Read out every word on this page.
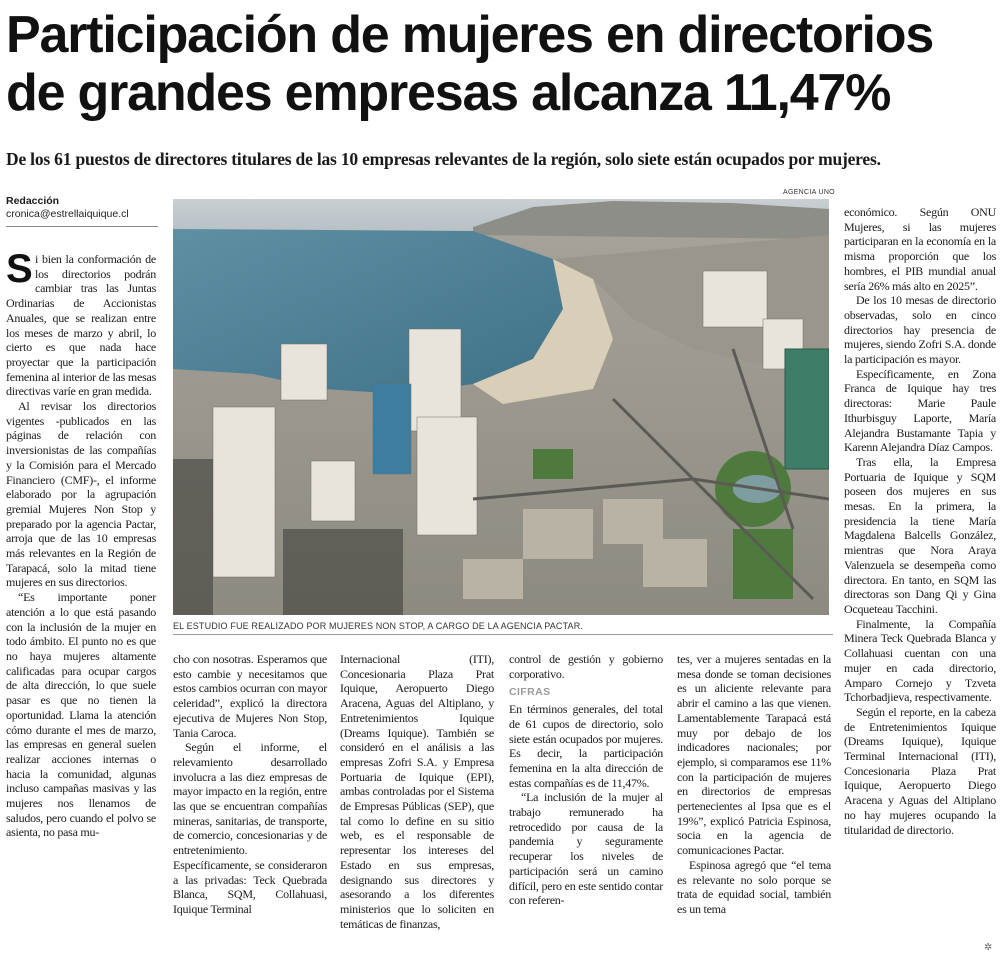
Participación de mujeres en directorios
de grandes empresas alcanza 11,47%
De los 61 puestos de directores titulares de las 10 empresas relevantes de la región, solo siete están ocupados por mujeres.
Redacción
cronica@estrellaiquique.cl
AGENCIA UNO
EL ESTUDIO FUE REALIZADO POR MUJERES NON STOP, A CARGO DE LA AGENCIA PACTAR.

Si bien la conformación de los directorios podrán cambiar tras las Juntas Ordinarias de Accionistas Anuales, que se realizan entre los meses de marzo y abril, lo cierto es que nada hace proyectar que la participación femenina al interior de las mesas directivas varíe en gran medida.

Al revisar los directorios vigentes -publicados en las páginas de relación con inversionistas de las compañías y la Comisión para el Mercado Financiero (CMF)-, el informe elaborado por la agrupación gremial Mujeres Non Stop y preparado por la agencia Pactar, arroja que de las 10 empresas más relevantes en la Región de Tarapacá, solo la mitad tiene mujeres en sus directorios.

“Es importante poner atención a lo que está pasando con la inclusión de la mujer en todo ámbito. El punto no es que no haya mujeres altamente calificadas para ocupar cargos de alta dirección, lo que suele pasar es que no tienen la oportunidad. Llama la atención cómo durante el mes de marzo, las empresas en general suelen realizar acciones internas o hacia la comunidad, algunas incluso campañas masivas y las mujeres nos llenamos de saludos, pero cuando el polvo se asienta, no pasa mu-

cho con nosotras. Esperamos que esto cambie y necesitamos que estos cambios ocurran con mayor celeridad”, explicó la directora ejecutiva de Mujeres Non Stop, Tania Caroca.

Según el informe, el relevamiento desarrollado involucra a las diez empresas de mayor impacto en la región, entre las que se encuentran compañías mineras, sanitarias, de transporte, de comercio, concesionarias y de entretenimiento. Específicamente, se consideraron a las privadas: Teck Quebrada Blanca, SQM, Collahuasi, Iquique Terminal

Internacional (ITI), Concesionaria Plaza Prat Iquique, Aeropuerto Diego Aracena, Aguas del Altiplano, y Entretenimientos Iquique (Dreams Iquique). También se consideró en el análisis a las empresas Zofri S.A. y Empresa Portuaria de Iquique (EPI), ambas controladas por el Sistema de Empresas Públicas (SEP), que tal como lo define en su sitio web, es el responsable de representar los intereses del Estado en sus empresas, designando sus directores y asesorando a los diferentes ministerios que lo soliciten en temáticas de finanzas,

control de gestión y gobierno corporativo.

CIFRAS

En términos generales, del total de 61 cupos de directorio, solo siete están ocupados por mujeres. Es decir, la participación femenina en la alta dirección de estas compañías es de 11,47%.

“La inclusión de la mujer al trabajo remunerado ha retrocedido por causa de la pandemia y seguramente recuperar los niveles de participación será un camino difícil, pero en este sentido contar con referen-

tes, ver a mujeres sentadas en la mesa donde se toman decisiones es un aliciente relevante para abrir el camino a las que vienen. Lamentablemente Tarapacá está muy por debajo de los indicadores nacionales; por ejemplo, si comparamos ese 11% con la participación de mujeres en directorios de empresas pertenecientes al Ipsa que es el 19%”, explicó Patricia Espinosa, socia en la agencia de comunicaciones Pactar.

Espinosa agregó que “el tema es relevante no solo porque se trata de equidad social, también es un tema

económico. Según ONU Mujeres, si las mujeres participaran en la economía en la misma proporción que los hombres, el PIB mundial anual sería 26% más alto en 2025”.

De los 10 mesas de directorio observadas, solo en cinco directorios hay presencia de mujeres, siendo Zofri S.A. donde la participación es mayor.

Específicamente, en Zona Franca de Iquique hay tres directoras: Marie Paule Ithurbisguy Laporte, María Alejandra Bustamante Tapia y Karenn Alejandra Díaz Campos.

Tras ella, la Empresa Portuaria de Iquique y SQM poseen dos mujeres en sus mesas. En la primera, la presidencia la tiene María Magdalena Balcells González, mientras que Nora Araya Valenzuela se desempeña como directora. En tanto, en SQM las directoras son Dang Qi y Gina Ocqueteau Tacchini.

Finalmente, la Compañía Minera Teck Quebrada Blanca y Collahuasi cuentan con una mujer en cada directorio, Amparo Cornejo y Tzveta Tchorbadjieva, respectivamente.

Según el reporte, en la cabeza de Entretenimientos Iquique (Dreams Iquique), Iquique Terminal Internacional (ITI), Concesionaria Plaza Prat Iquique, Aeropuerto Diego Aracena y Aguas del Altiplano no hay mujeres ocupando la titularidad de directorio.

✲
